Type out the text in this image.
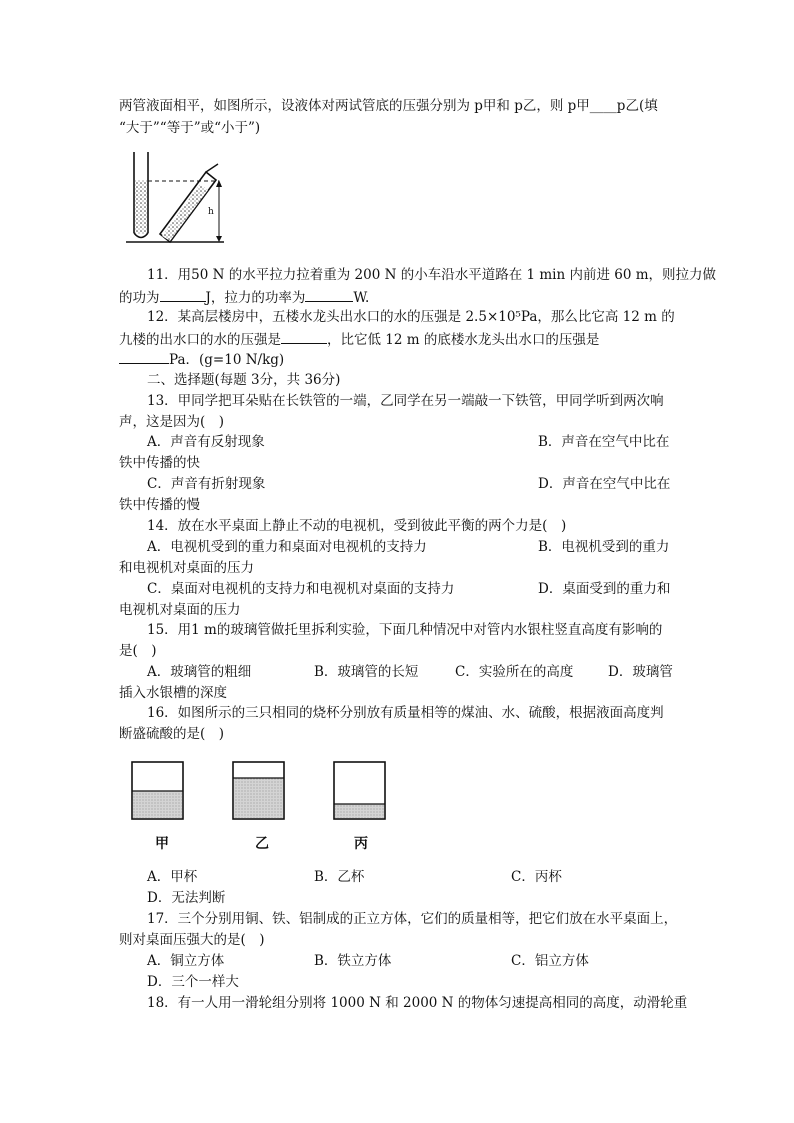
两管液面相平，如图所示，设液体对两试管底的压强分别为 p甲和 p乙，则 p甲____p乙(填
“大于”“等于”或“小于”)
h
11．用50 N 的水平拉力拉着重为 200 N 的小车沿水平道路在 1 min 内前进 60 m，则拉力做
的功为	J，拉力的功率为	W.
12．某高层楼房中，五楼水龙头出水口的水的压强是 2.5×10⁵Pa，那么比它高 12 m 的
九楼的出水口的水的压强是	，比它低 12 m 的底楼水龙头出水口的压强是
Pa．(g=10 N/kg)
二、选择题(每题 3分，共 36分)
13．甲同学把耳朵贴在长铁管的一端，乙同学在另一端敲一下铁管，甲同学听到两次响
声，这是因为(　)
A．声音有反射现象	B．声音在空气中比在
铁中传播的快
C．声音有折射现象	D．声音在空气中比在
铁中传播的慢
14．放在水平桌面上静止不动的电视机，受到彼此平衡的两个力是(　)
A．电视机受到的重力和桌面对电视机的支持力	B．电视机受到的重力
和电视机对桌面的压力
C．桌面对电视机的支持力和电视机对桌面的支持力	D．桌面受到的重力和
电视机对桌面的压力
15．用1 m的玻璃管做托里拆利实验，下面几种情况中对管内水银柱竖直高度有影响的
是(　)
A．玻璃管的粗细	B．玻璃管的长短	C．实验所在的高度	D．玻璃管
插入水银槽的深度
16．如图所示的三只相同的烧杯分别放有质量相等的煤油、水、硫酸，根据液面高度判
断盛硫酸的是(　)
甲	乙	丙
A．甲杯	B．乙杯	C．丙杯
D．无法判断
17．三个分别用铜、铁、铝制成的正立方体，它们的质量相等，把它们放在水平桌面上，
则对桌面压强大的是(　)
A．铜立方体	B．铁立方体	C．铝立方体
D．三个一样大
18．有一人用一滑轮组分别将 1000 N 和 2000 N 的物体匀速提高相同的高度，动滑轮重
